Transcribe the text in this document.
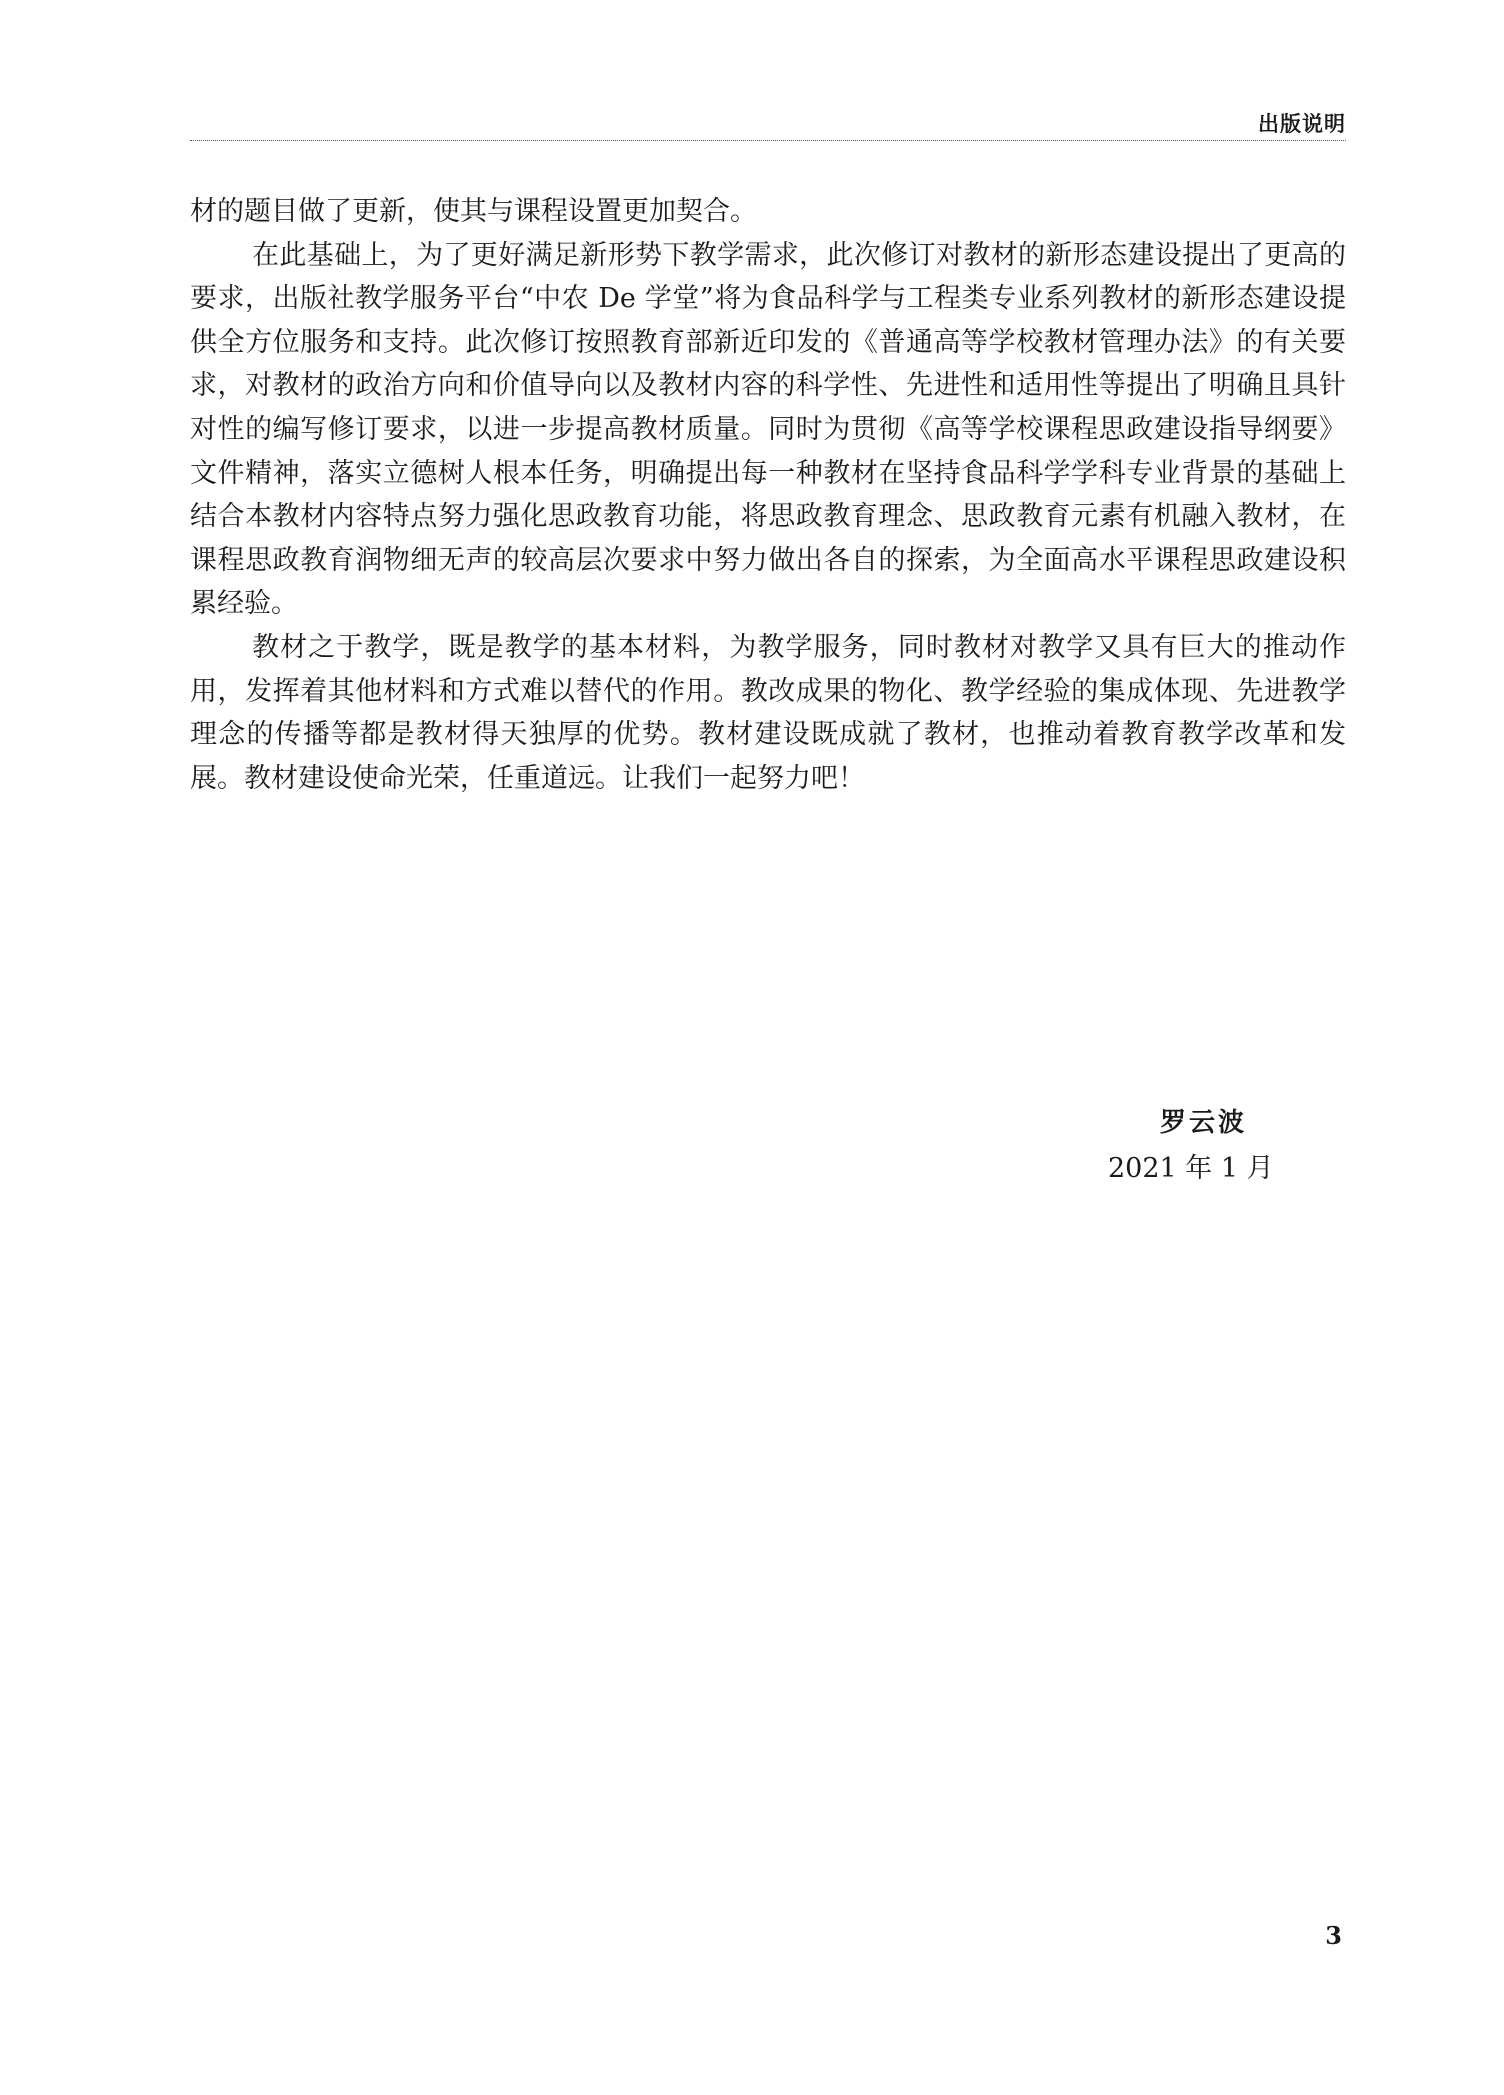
出版说明

材的题目做了更新，使其与课程设置更加契合。

在此基础上，为了更好满足新形势下教学需求，此次修订对教材的新形态建设提出了更高的要求，出版社教学服务平台“中农 De 学堂”将为食品科学与工程类专业系列教材的新形态建设提供全方位服务和支持。此次修订按照教育部新近印发的《普通高等学校教材管理办法》的有关要求，对教材的政治方向和价值导向以及教材内容的科学性、先进性和适用性等提出了明确且具针对性的编写修订要求，以进一步提高教材质量。同时为贯彻《高等学校课程思政建设指导纲要》文件精神，落实立德树人根本任务，明确提出每一种教材在坚持食品科学学科专业背景的基础上结合本教材内容特点努力强化思政教育功能，将思政教育理念、思政教育元素有机融入教材，在课程思政教育润物细无声的较高层次要求中努力做出各自的探索，为全面高水平课程思政建设积累经验。

教材之于教学，既是教学的基本材料，为教学服务，同时教材对教学又具有巨大的推动作用，发挥着其他材料和方式难以替代的作用。教改成果的物化、教学经验的集成体现、先进教学理念的传播等都是教材得天独厚的优势。教材建设既成就了教材，也推动着教育教学改革和发展。教材建设使命光荣，任重道远。让我们一起努力吧！

罗云波
2021 年 1 月
3
